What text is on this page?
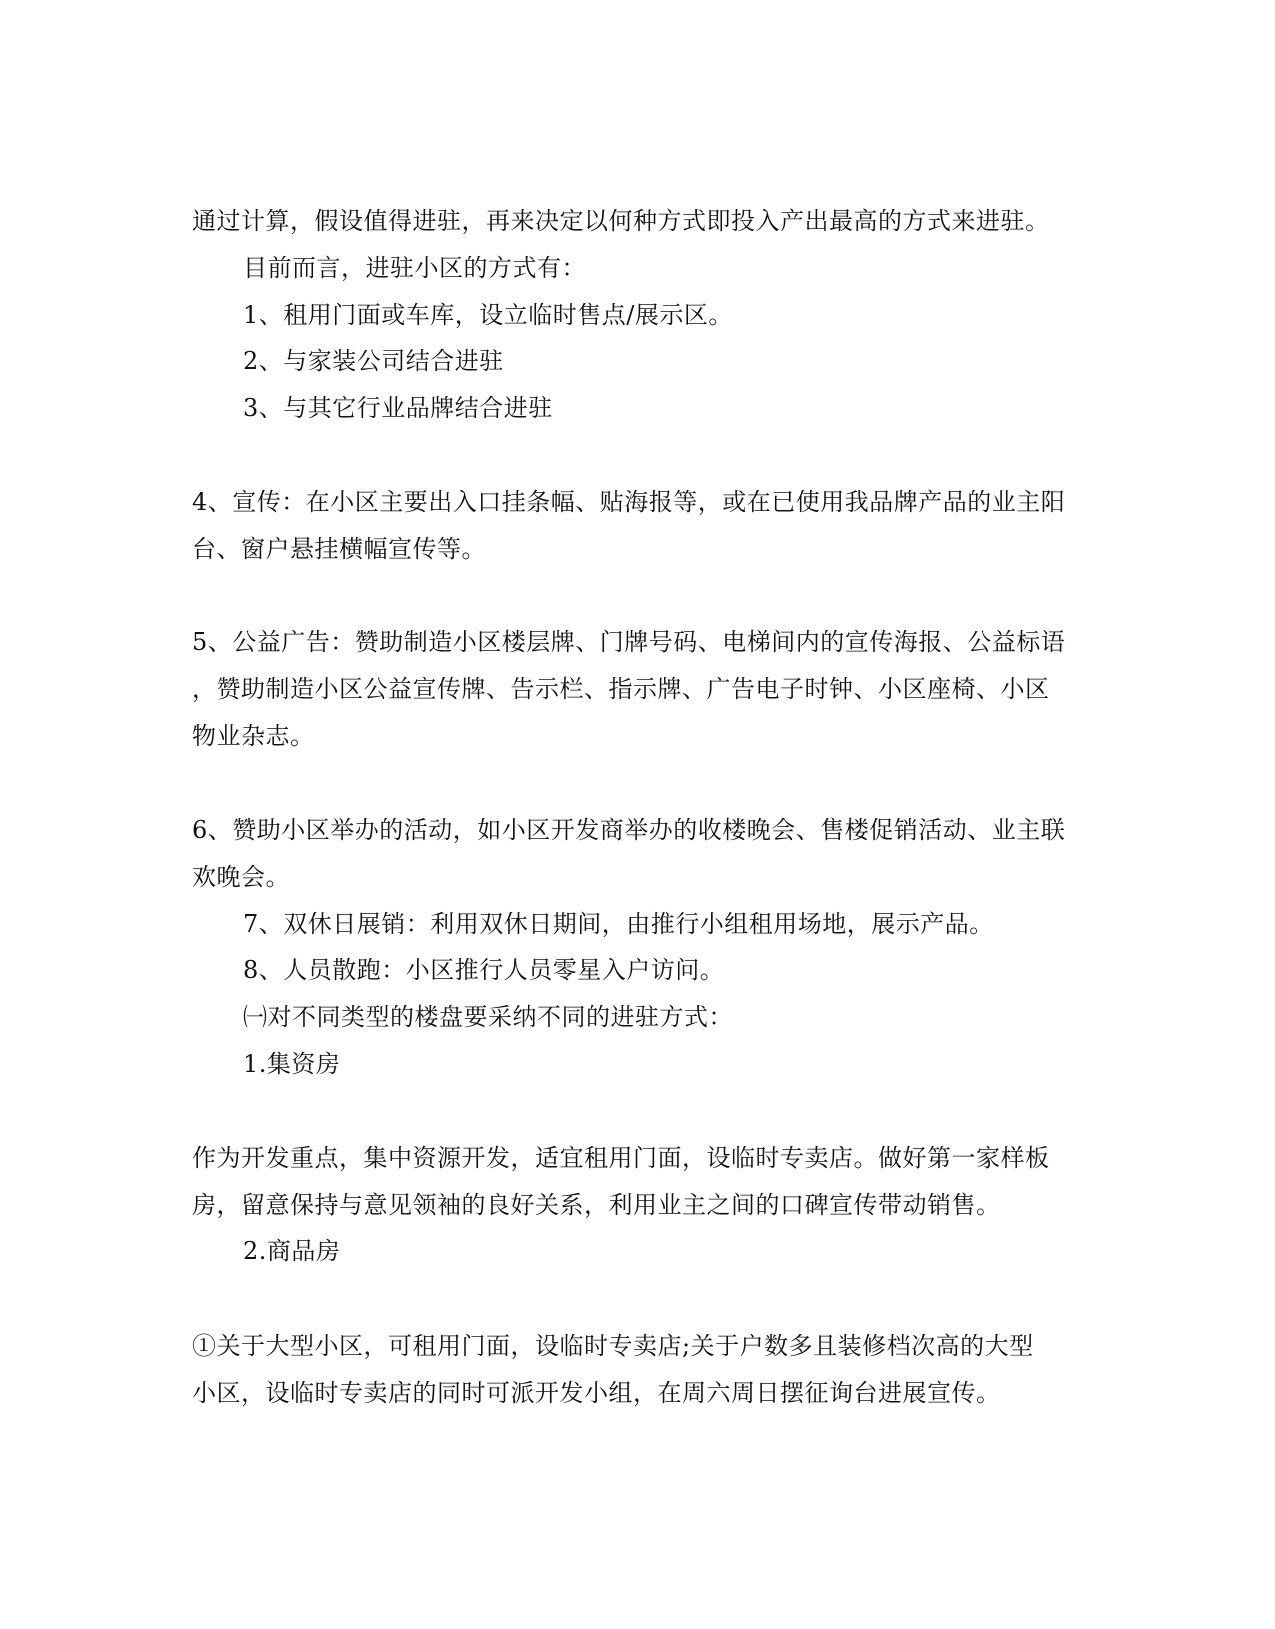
通过计算，假设值得进驻，再来决定以何种方式即投入产出最高的方式来进驻。
目前而言，进驻小区的方式有：
1、租用门面或车库，设立临时售点/展示区。
2、与家装公司结合进驻
3、与其它行业品牌结合进驻
4、宣传：在小区主要出入口挂条幅、贴海报等，或在已使用我品牌产品的业主阳
台、窗户悬挂横幅宣传等。
5、公益广告：赞助制造小区楼层牌、门牌号码、电梯间内的宣传海报、公益标语
，赞助制造小区公益宣传牌、告示栏、指示牌、广告电子时钟、小区座椅、小区
物业杂志。
6、赞助小区举办的活动，如小区开发商举办的收楼晚会、售楼促销活动、业主联
欢晚会。
7、双休日展销：利用双休日期间，由推行小组租用场地，展示产品。
8、人员散跑：小区推行人员零星入户访问。
㈠对不同类型的楼盘要采纳不同的进驻方式：
1.集资房
作为开发重点，集中资源开发，适宜租用门面，设临时专卖店。做好第一家样板
房，留意保持与意见领袖的良好关系，利用业主之间的口碑宣传带动销售。
2.商品房
①关于大型小区，可租用门面，设临时专卖店;关于户数多且装修档次高的大型
小区，设临时专卖店的同时可派开发小组，在周六周日摆征询台进展宣传。
